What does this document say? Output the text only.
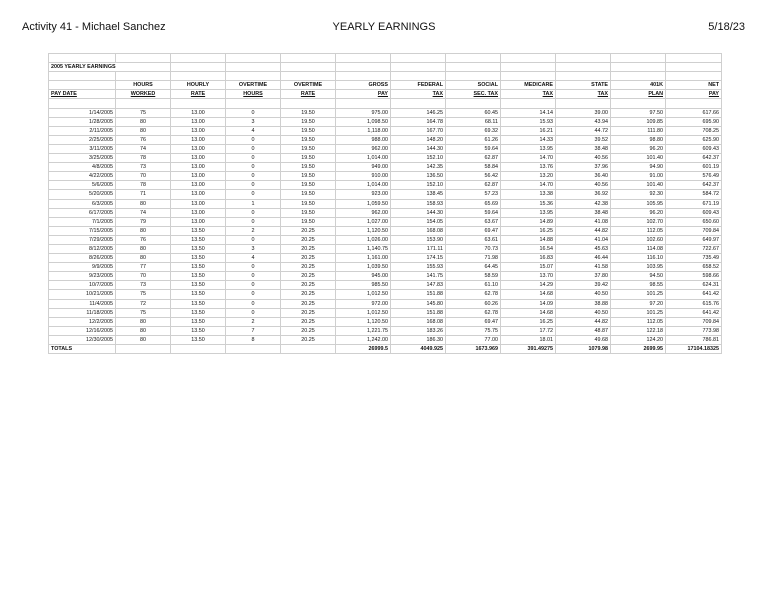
Activity 41 - Michael Sanchez	YEARLY EARNINGS	5/18/23

2005 YEARLY EARNINGS											

	HOURS	HOURLY	OVERTIME	OVERTIME	GROSS	FEDERAL	SOCIAL	MEDICARE	STATE	401K	NET
PAY DATE	WORKED	RATE	HOURS	RATE	PAY	TAX	SEC. TAX	TAX	TAX	PLAN	PAY

1/14/2005	75	13.00	0	19.50	975.00	146.25	60.45	14.14	39.00	97.50	617.66
1/28/2005	80	13.00	3	19.50	1,098.50	164.78	68.11	15.93	43.94	109.85	695.90
2/11/2005	80	13.00	4	19.50	1,118.00	167.70	69.32	16.21	44.72	111.80	708.25
2/25/2005	76	13.00	0	19.50	988.00	148.20	61.26	14.33	39.52	98.80	625.90
3/11/2005	74	13.00	0	19.50	962.00	144.30	59.64	13.95	38.48	96.20	609.43
3/25/2005	78	13.00	0	19.50	1,014.00	152.10	62.87	14.70	40.56	101.40	642.37
4/8/2005	73	13.00	0	19.50	949.00	142.35	58.84	13.76	37.96	94.90	601.19
4/22/2005	70	13.00	0	19.50	910.00	136.50	56.42	13.20	36.40	91.00	576.49
5/6/2005	78	13.00	0	19.50	1,014.00	152.10	62.87	14.70	40.56	101.40	642.37
5/20/2005	71	13.00	0	19.50	923.00	138.45	57.23	13.38	36.92	92.30	584.72
6/3/2005	80	13.00	1	19.50	1,059.50	158.93	65.69	15.36	42.38	105.95	671.19
6/17/2005	74	13.00	0	19.50	962.00	144.30	59.64	13.95	38.48	96.20	609.43
7/1/2005	79	13.00	0	19.50	1,027.00	154.05	63.67	14.89	41.08	102.70	650.60
7/15/2005	80	13.50	2	20.25	1,120.50	168.08	69.47	16.25	44.82	112.05	709.84
7/29/2005	76	13.50	0	20.25	1,026.00	153.90	63.61	14.88	41.04	102.60	649.97
8/12/2005	80	13.50	3	20.25	1,140.75	171.11	70.73	16.54	45.63	114.08	722.67
8/26/2005	80	13.50	4	20.25	1,161.00	174.15	71.98	16.83	46.44	116.10	735.49
9/9/2005	77	13.50	0	20.25	1,039.50	155.93	64.45	15.07	41.58	103.95	658.52
9/23/2005	70	13.50	0	20.25	945.00	141.75	58.59	13.70	37.80	94.50	598.66
10/7/2005	73	13.50	0	20.25	985.50	147.83	61.10	14.29	39.42	98.55	624.31
10/21/2005	75	13.50	0	20.25	1,012.50	151.88	62.78	14.68	40.50	101.25	641.42
11/4/2005	72	13.50	0	20.25	972.00	145.80	60.26	14.09	38.88	97.20	615.76
11/18/2005	75	13.50	0	20.25	1,012.50	151.88	62.78	14.68	40.50	101.25	641.42
12/2/2005	80	13.50	2	20.25	1,120.50	168.08	69.47	16.25	44.82	112.05	709.84
12/16/2005	80	13.50	7	20.25	1,221.75	183.26	75.75	17.72	48.87	122.18	773.98
12/30/2005	80	13.50	8	20.25	1,242.00	186.30	77.00	18.01	49.68	124.20	786.81
TOTALS					26999.5	4049.925	1673.969	391.49275	1079.98	2699.95	17104.18325
